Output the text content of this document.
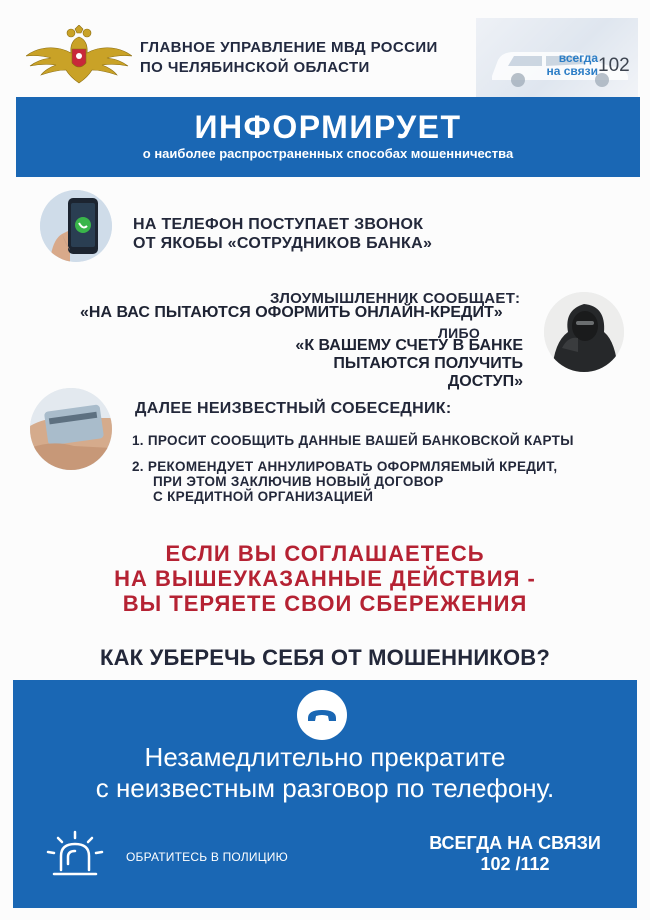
ГЛАВНОЕ УПРАВЛЕНИЕ МВД РОССИИ
ПО ЧЕЛЯБИНСКОЙ ОБЛАСТИ
всегда
на связи 102
ИНФОРМИРУЕТ
о наиболее распространенных способах мошенничества
НА ТЕЛЕФОН ПОСТУПАЕТ ЗВОНОК
ОТ ЯКОБЫ «СОТРУДНИКОВ БАНКА»
ЗЛОУМЫШЛЕННИК СООБЩАЕТ:
«НА ВАС ПЫТАЮТСЯ ОФОРМИТЬ ОНЛАЙН-КРЕДИТ»
ЛИБО
«К ВАШЕМУ СЧЕТУ В БАНКЕ
ПЫТАЮТСЯ ПОЛУЧИТЬ ДОСТУП»
ДАЛЕЕ НЕИЗВЕСТНЫЙ СОБЕСЕДНИК:
1. ПРОСИТ СООБЩИТЬ ДАННЫЕ ВАШЕЙ БАНКОВСКОЙ КАРТЫ
2. РЕКОМЕНДУЕТ АННУЛИРОВАТЬ ОФОРМЛЯЕМЫЙ КРЕДИТ,
ПРИ ЭТОМ ЗАКЛЮЧИВ НОВЫЙ ДОГОВОР
С КРЕДИТНОЙ ОРГАНИЗАЦИЕЙ
ЕСЛИ ВЫ СОГЛАШАЕТЕСЬ
НА ВЫШЕУКАЗАННЫЕ ДЕЙСТВИЯ -
ВЫ ТЕРЯЕТЕ СВОИ СБЕРЕЖЕНИЯ
КАК УБЕРЕЧЬ СЕБЯ ОТ МОШЕННИКОВ?
Незамедлительно прекратите
с неизвестным разговор по телефону.
ОБРАТИТЕСЬ В ПОЛИЦИЮ
ВСЕГДА НА СВЯЗИ
102 /112
